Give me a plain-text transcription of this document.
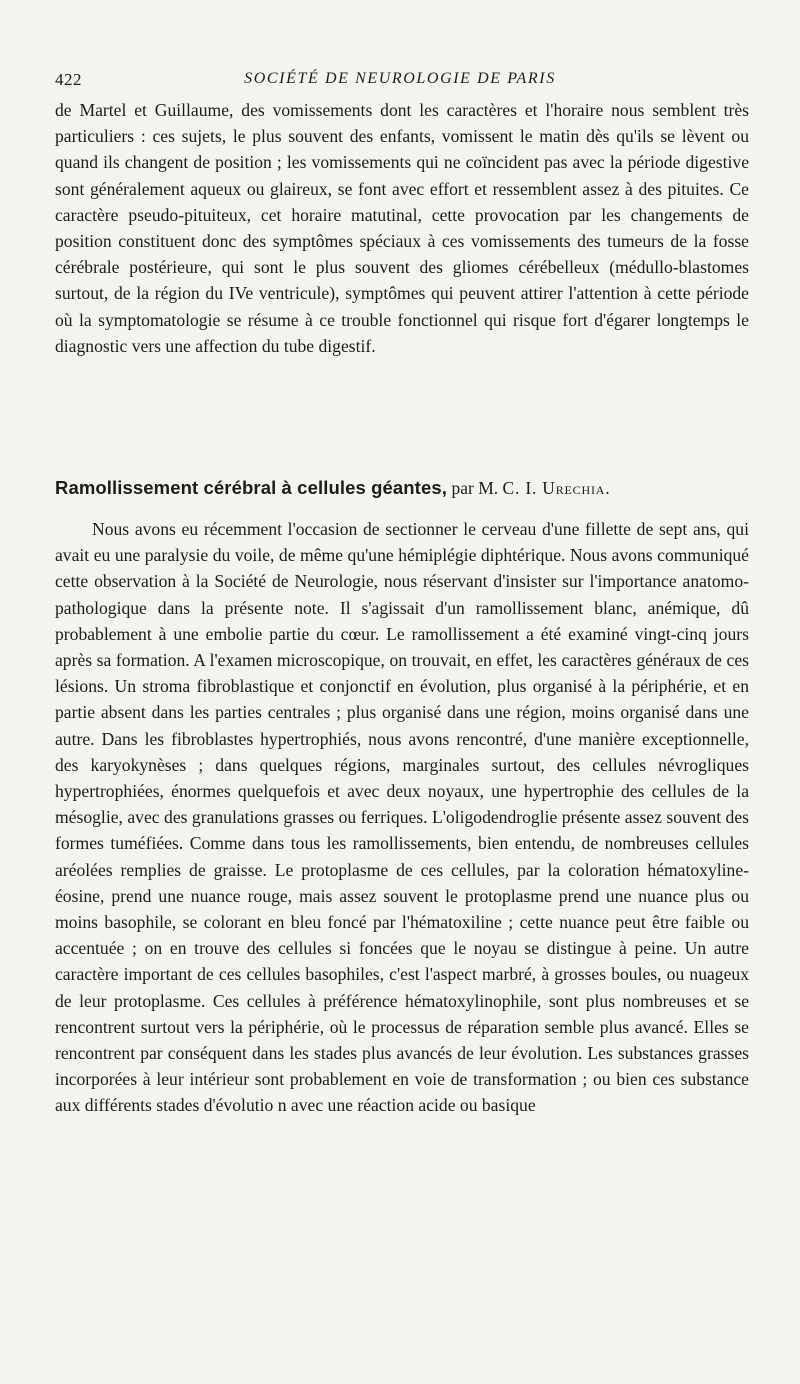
422	SOCIÉTÉ DE NEUROLOGIE DE PARIS

de Martel et Guillaume, des vomissements dont les caractères et l'horaire nous semblent très particuliers : ces sujets, le plus souvent des enfants, vomissent le matin dès qu'ils se lèvent ou quand ils changent de position ; les vomissements qui ne coïncident pas avec la période digestive sont généralement aqueux ou glaireux, se font avec effort et ressemblent assez à des pituites. Ce caractère pseudo-pituiteux, cet horaire matutinal, cette provocation par les changements de position constituent donc des symptômes spéciaux à ces vomissements des tumeurs de la fosse cérébrale postérieure, qui sont le plus souvent des gliomes cérébelleux (médullo-blastomes surtout, de la région du IVe ventricule), symptômes qui peuvent attirer l'attention à cette période où la symptomatologie se résume à ce trouble fonctionnel qui risque fort d'égarer longtemps le diagnostic vers une affection du tube digestif.

Ramollissement cérébral à cellules géantes, par M. C. I. Urechia.

Nous avons eu récemment l'occasion de sectionner le cerveau d'une fillette de sept ans, qui avait eu une paralysie du voile, de même qu'une hémiplégie diphtérique. Nous avons communiqué cette observation à la Société de Neurologie, nous réservant d'insister sur l'importance anatomopathologique dans la présente note. Il s'agissait d'un ramollissement blanc, anémique, dû probablement à une embolie partie du cœur. Le ramollissement a été examiné vingt-cinq jours après sa formation. A l'examen microscopique, on trouvait, en effet, les caractères généraux de ces lésions. Un stroma fibroblastique et conjonctif en évolution, plus organisé à la périphérie, et en partie absent dans les parties centrales ; plus organisé dans une région, moins organisé dans une autre. Dans les fibroblastes hypertrophiés, nous avons rencontré, d'une manière exceptionnelle, des karyokynèses ; dans quelques régions, marginales surtout, des cellules névrogliques hypertrophiées, énormes quelquefois et avec deux noyaux, une hypertrophie des cellules de la mésoglie, avec des granulations grasses ou ferriques. L'oligodendroglie présente assez souvent des formes tuméfiées. Comme dans tous les ramollissements, bien entendu, de nombreuses cellules aréolées remplies de graisse. Le protoplasme de ces cellules, par la coloration hématoxyline-éosine, prend une nuance rouge, mais assez souvent le protoplasme prend une nuance plus ou moins basophile, se colorant en bleu foncé par l'hématoxiline ; cette nuance peut être faible ou accentuée ; on en trouve des cellules si foncées que le noyau se distingue à peine. Un autre caractère important de ces cellules basophiles, c'est l'aspect marbré, à grosses boules, ou nuageux de leur protoplasme. Ces cellules à préférence hématoxylinophile, sont plus nombreuses et se rencontrent surtout vers la périphérie, où le processus de réparation semble plus avancé. Elles se rencontrent par conséquent dans les stades plus avancés de leur évolution. Les substances grasses incorporées à leur intérieur sont probablement en voie de transformation ; ou bien ces substance aux différents stades d'évolutio n avec une réaction acide ou basique
